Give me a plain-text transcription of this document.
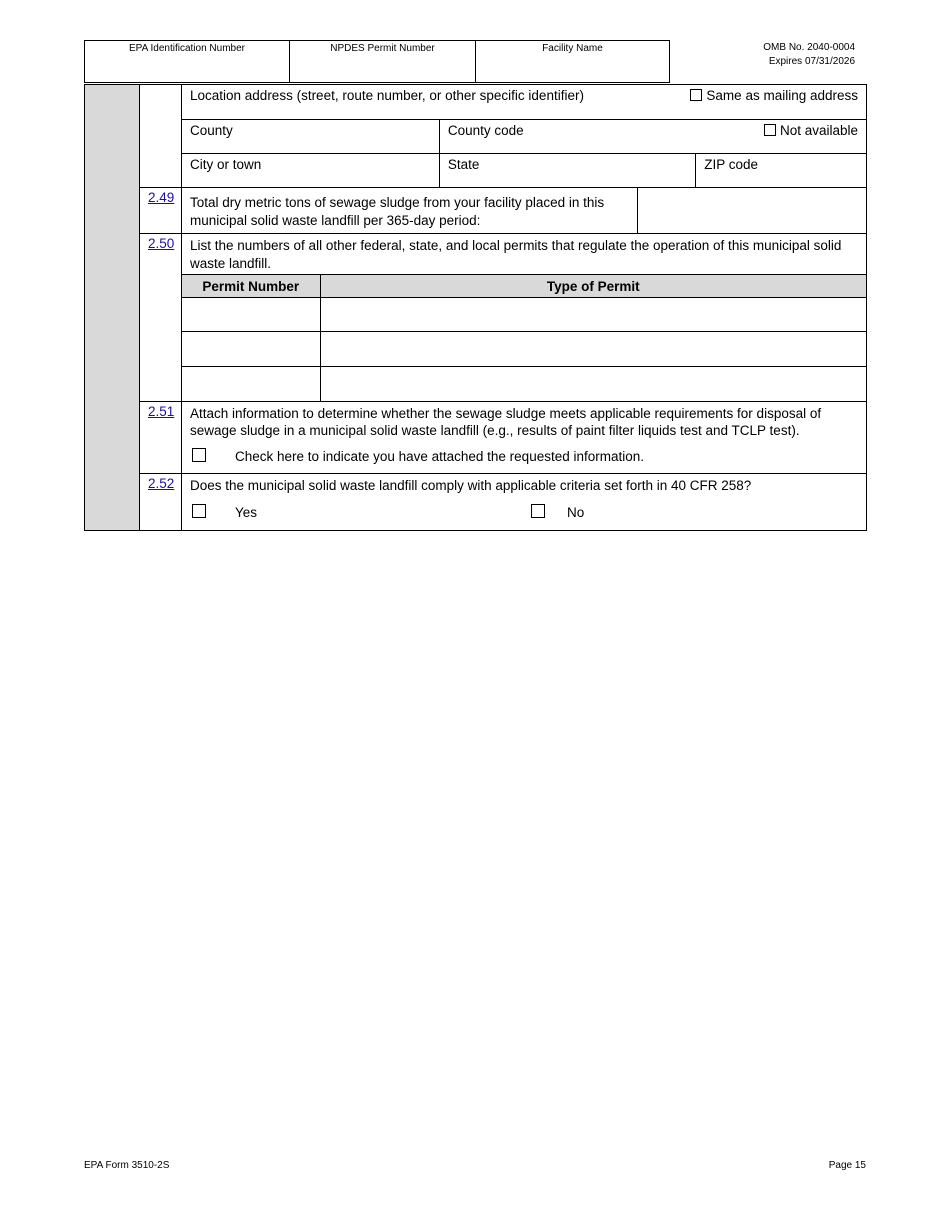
EPA Identification Number	NPDES Permit Number	Facility Name	OMB No. 2040-0004
Expires 07/31/2026

Location address (street, route number, or other specific identifier)	Same as mailing address

County	County code	Not available

City or town	State	ZIP code

2.49	Total dry metric tons of sewage sludge from your facility placed in this municipal solid waste landfill per 365-day period:	

2.50	List the numbers of all other federal, state, and local permits that regulate the operation of this municipal solid waste landfill.
Permit Number	Type of Permit

2.51	Attach information to determine whether the sewage sludge meets applicable requirements for disposal of sewage sludge in a municipal solid waste landfill (e.g., results of paint filter liquids test and TCLP test).
Check here to indicate you have attached the requested information.

2.52	Does the municipal solid waste landfill comply with applicable criteria set forth in 40 CFR 258?
Yes	No
EPA Form 3510-2S	Page 15
